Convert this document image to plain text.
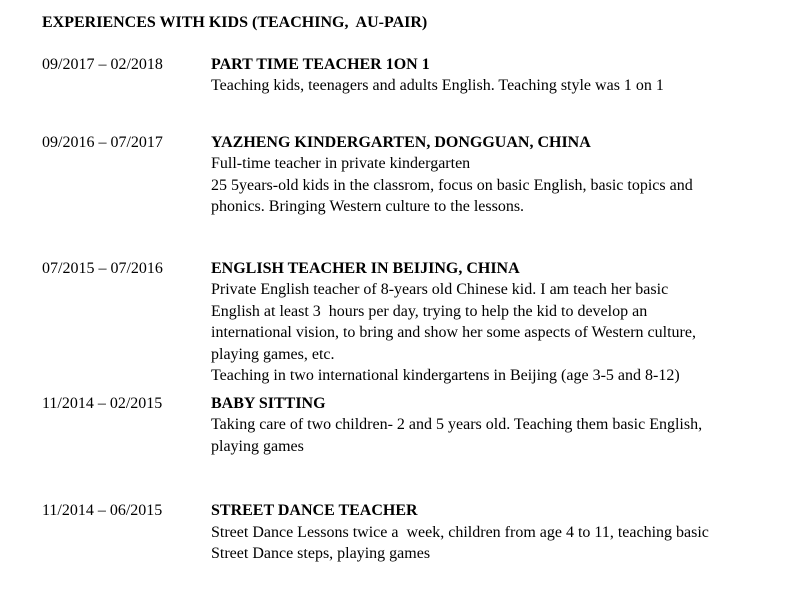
EXPERIENCES WITH KIDS (TEACHING,  AU-PAIR)
09/2017 – 02/2018	PART TIME TEACHER 1ON 1
Teaching kids, teenagers and adults English. Teaching style was 1 on 1
09/2016 – 07/2017	YAZHENG KINDERGARTEN, DONGGUAN, CHINA
Full-time teacher in private kindergarten
25 5years-old kids in the classrom, focus on basic English, basic topics and
phonics. Bringing Western culture to the lessons.
07/2015 – 07/2016	ENGLISH TEACHER IN BEIJING, CHINA
Private English teacher of 8-years old Chinese kid. I am teach her basic
English at least 3  hours per day, trying to help the kid to develop an
international vision, to bring and show her some aspects of Western culture,
playing games, etc.
Teaching in two international kindergartens in Beijing (age 3-5 and 8-12)
11/2014 – 02/2015	BABY SITTING
Taking care of two children- 2 and 5 years old. Teaching them basic English,
playing games
11/2014 – 06/2015	STREET DANCE TEACHER
Street Dance Lessons twice a  week, children from age 4 to 11, teaching basic
Street Dance steps, playing games
